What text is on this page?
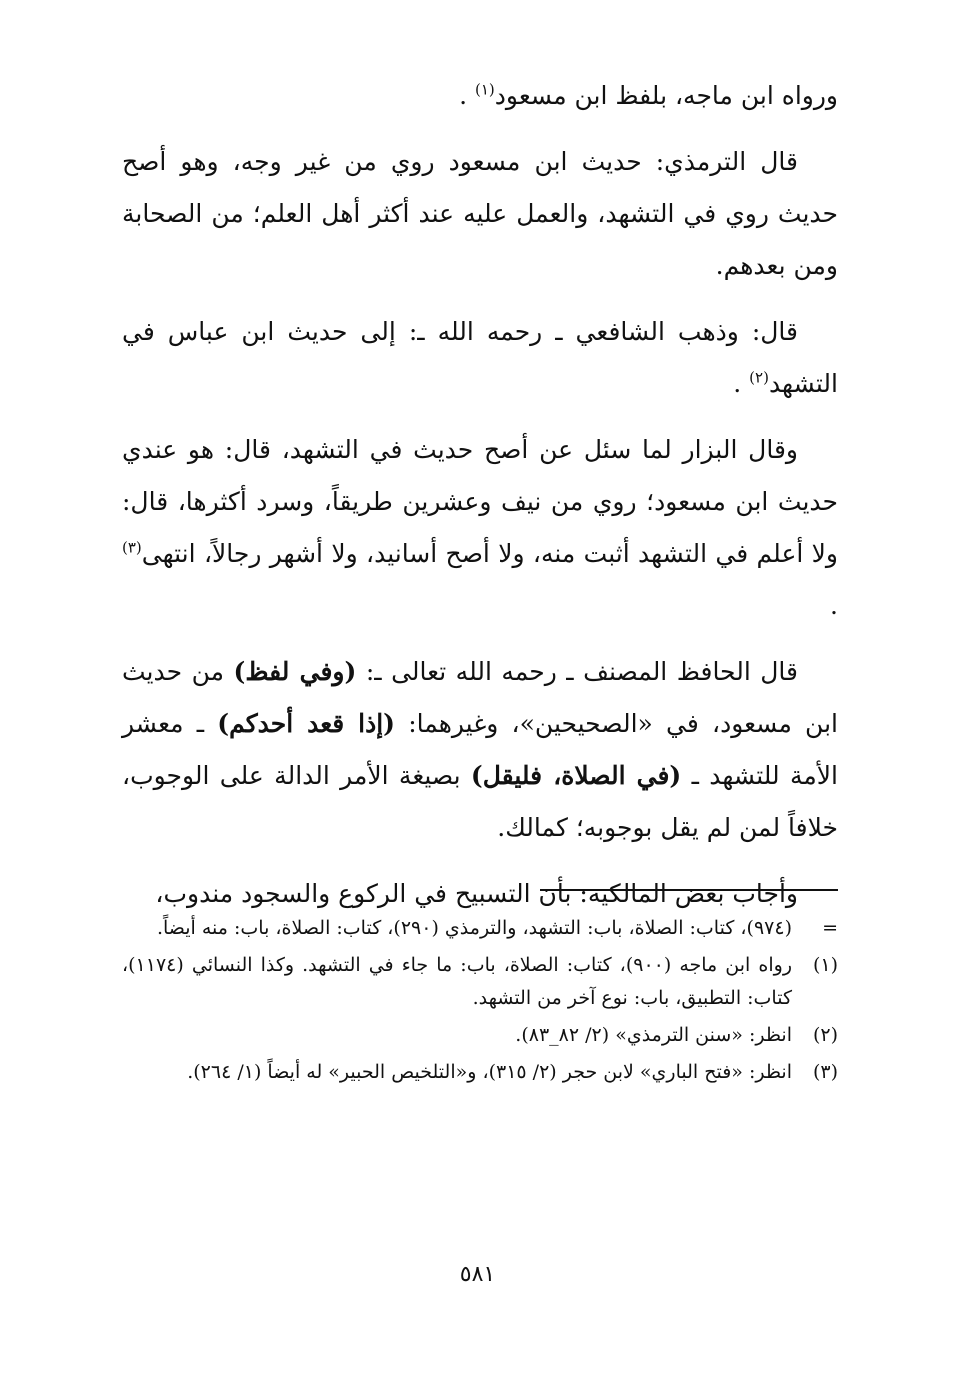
ورواه ابن ماجه، بلفظ ابن مسعود$^{(١)}$ .

قال الترمذي: حديث ابن مسعود روي من غير وجه، وهو أصح حديث روي في التشهد، والعمل عليه عند أكثر أهل العلم؛ من الصحابة ومن بعدهم.

قال: وذهب الشافعي ـ رحمه الله ـ: إلى حديث ابن عباس في التشهد$^{(٢)}$ .

وقال البزار لما سئل عن أصح حديث في التشهد، قال: هو عندي حديث ابن مسعود؛ روي من نيف وعشرين طريقاً، وسرد أكثرها، قال: ولا أعلم في التشهد أثبت منه، ولا أصح أسانيد، ولا أشهر رجالاً، انتهى$^{(٣)}$ .

قال الحافظ المصنف ـ رحمه الله تعالى ـ: (وفي لفظ) من حديث ابن مسعود، في «الصحيحين»، وغيرهما: (إذا قعد أحدكم) ـ معشر الأمة للتشهد ـ (في الصلاة، فليقل) بصيغة الأمر الدالة على الوجوب، خلافاً لمن لم يقل بوجوبه؛ كمالك.

وأجاب بعض المالكية: بأن التسبيح في الركوع والسجود مندوب،

=
(٩٧٤)، كتاب: الصلاة، باب: التشهد، والترمذي (٢٩٠)، كتاب: الصلاة، باب: منه أيضاً.
(١)
رواه ابن ماجه (٩٠٠)، كتاب: الصلاة، باب: ما جاء في التشهد. وكذا النسائي (١١٧٤)، كتاب: التطبيق، باب: نوع آخر من التشهد.
(٢)
انظر: «سنن الترمذي» (٢/ ٨٢_٨٣).
(٣)
انظر: «فتح الباري» لابن حجر (٢/ ٣١٥)، و«التلخيص الحبير» له أيضاً (١/ ٢٦٤).
٥٨١
